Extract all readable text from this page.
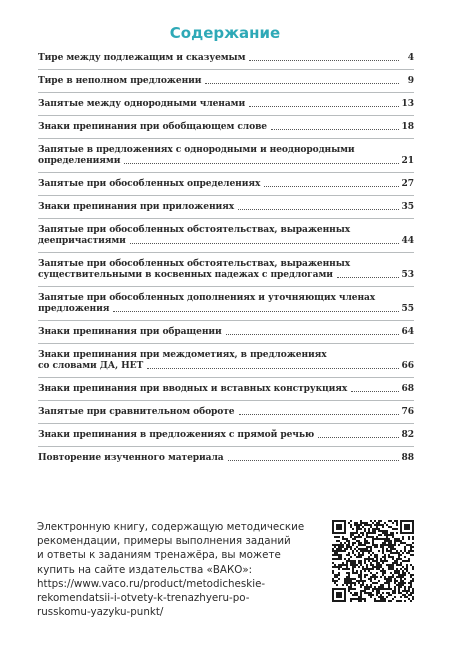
Содержание
Тире между подлежащим и сказуемым	4
Тире в неполном предложении	9
Запятые между однородными членами	13
Знаки препинания при обобщающем слове	18
Запятые в предложениях с однородными и неоднородными
определениями	21
Запятые при обособленных определениях	27
Знаки препинания при приложениях	35
Запятые при обособленных обстоятельствах, выраженных
деепричастиями	44
Запятые при обособленных обстоятельствах, выраженных
существительными в косвенных падежах с предлогами	53
Запятые при обособленных дополнениях и уточняющих членах
предложения	55
Знаки препинания при обращении	64
Знаки препинания при междометиях, в предложениях
со словами ДА, НЕТ	66
Знаки препинания при вводных и вставных конструкциях	68
Запятые при сравнительном обороте	76
Знаки препинания в предложениях с прямой речью	82
Повторение изученного материала	88
Электронную книгу, содержащую методические
рекомендации, примеры выполнения заданий
и ответы к заданиям тренажёра, вы можете
купить на сайте издательства «ВАКО»:
https://www.vaco.ru/product/metodicheskie-
rekomendatsii-i-otvety-k-trenazhyeru-po-
russkomu-yazyku-punkt/
